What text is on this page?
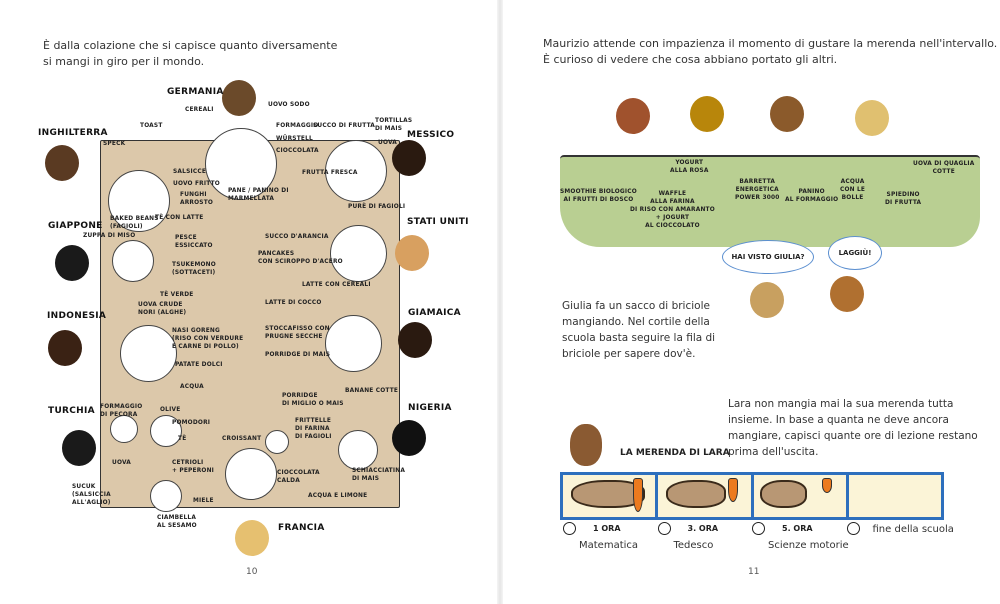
È dalla colazione che si capisce quanto diversamente
si mangi in giro per il mondo.
10
Maurizio attende con impazienza il momento di gustare la merenda nell'intervallo.
È curioso di vedere che cosa abbiano portato gli altri.
11
HAI VISTO GIULIA?	LAGGIÙ!
Giulia fa un sacco di briciole
mangiando. Nel cortile della
scuola basta seguire la fila di
briciole per sapere dov'è.
Lara non mangia mai la sua merenda tutta
insieme. In base a quanta ne deve ancora
mangiare, capisci quante ore di lezione restano
prima dell'uscita.
LA MERENDA DI LARA
GERMANIA
INGHILTERRA	MESSICO
GIAPPONE	STATI UNITI
INDONESIA	GIAMAICA
TURCHIA	NIGERIA
FRANCIA
CEREALI
UOVO SODO
TOAST
SPECK
FORMAGGIO
WÜRSTELL
CIOCCOLATA
SUCCO DI FRUTTA
TORTILLAS
DI MAIS
UOVA
SALSICCE
UOVO FRITTO
FUNGHI
ARROSTO
PANE / PANINO DI
MARMELLATA
FRUTTA FRESCA
PURÈ DI FAGIOLI
BAKED BEANS
(FAGIOLI)
TÈ CON LATTE
SUCCO D'ARANCIA
PANCAKES
CON SCIROPPO D'ACERO
LATTE CON CEREALI
ZUPPA DI MISO	PESCE
ESSICCATO
TSUKEMONO
(SOTTACETI)
TÈ VERDE
UOVA CRUDE
NORI (ALGHE)
LATTE DI COCCO
NASI GORENG
(RISO CON VERDURE
E CARNE DI POLLO)
STOCCAFISSO CON
PRUGNE SECCHE
PORRIDGE DI MAIS
PATATE DOLCI
ACQUA	BANANE COTTE
FORMAGGIO
DI PECORA
OLIVE
POMODORI
PORRIDGE
DI MIGLIO O MAIS
TÈ	CROISSANT
FRITTELLE
DI FARINA
DI FAGIOLI
UOVA	CETRIOLI
+ PEPERONI	CIOCCOLATA
CALDA
SCHIACCIATINA
DI MAIS
SUCUK
(SALSICCIA
ALL'AGLIO)	MIELE
ACQUA E LIMONE
CIAMBELLA
AL SESAMO
SMOOTHIE BIOLOGICO
AI FRUTTI DI BOSCO
WAFFLE
ALLA FARINA
DI RISO CON AMARANTO
+ JOGURT
AL CIOCCOLATO
YOGURT
ALLA ROSA
BARRETTA
ENERGETICA
POWER 3000
PANINO
AL FORMAGGIO
ACQUA
CON LE
BOLLE
UOVA DI QUAGLIA
COTTE
SPIEDINO
DI FRUTTA
1 ORA
Matematica
3. ORA
Tedesco
5. ORA
Scienze motorie
fine della scuola
